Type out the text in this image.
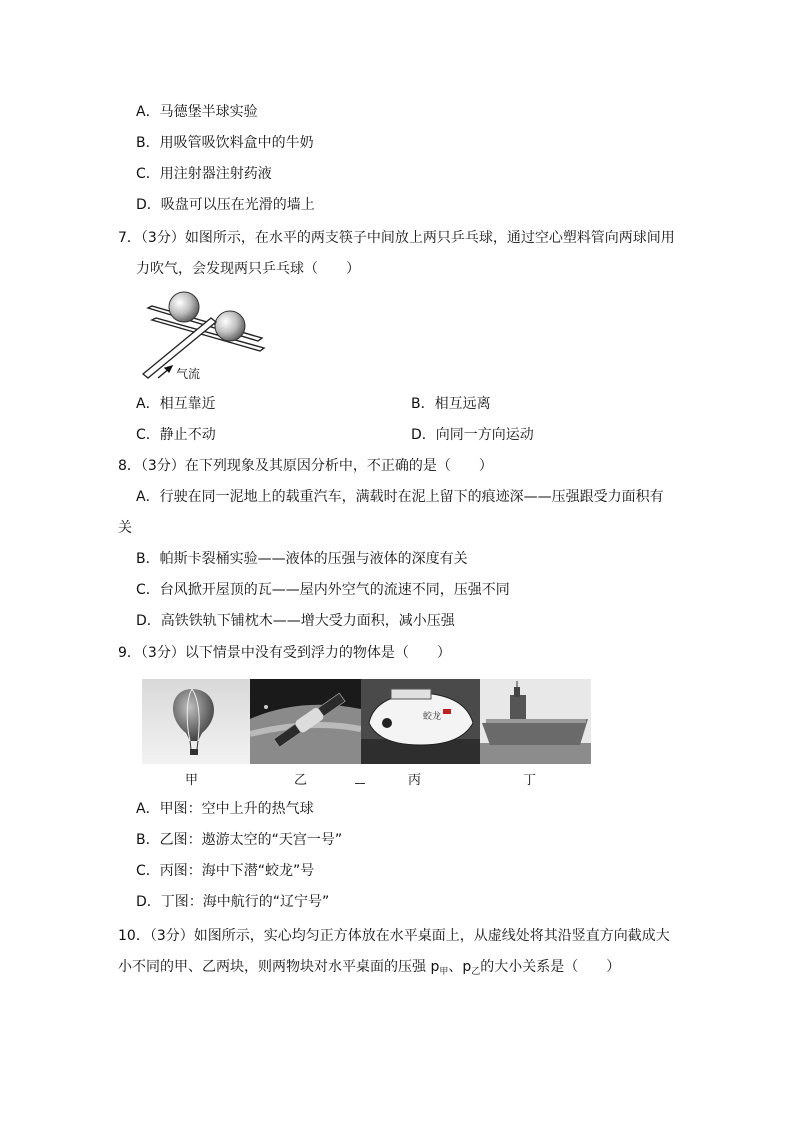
A．马德堡半球实验
B．用吸管吸饮料盒中的牛奶
C．用注射器注射药液
D．吸盘可以压在光滑的墙上
7．（3分）如图所示，在水平的两支筷子中间放上两只乒乓球，通过空心塑料管向两球间用
力吹气，会发现两只乒乓球（　　）
气流
A．相互靠近	B．相互远离
C．静止不动	D．向同一方向运动
8．（3分）在下列现象及其原因分析中，不正确的是（　　）
A．行驶在同一泥地上的载重汽车，满载时在泥上留下的痕迹深——压强跟受力面积有
关
B．帕斯卡裂桶实验——液体的压强与液体的深度有关
C．台风掀开屋顶的瓦——屋内外空气的流速不同，压强不同
D．高铁铁轨下铺枕木——增大受力面积，减小压强
9．（3分）以下情景中没有受到浮力的物体是（　　）
蛟龙
甲	乙	丙	丁
A．甲图：空中上升的热气球
B．乙图：遨游太空的“天宫一号”
C．丙图：海中下潜“蛟龙”号
D．丁图：海中航行的“辽宁号”
10．（3分）如图所示，实心均匀正方体放在水平桌面上，从虚线处将其沿竖直方向截成大
小不同的甲、乙两块，则两物块对水平桌面的压强 $p_甲$、$p_乙$的大小关系是（　　）
